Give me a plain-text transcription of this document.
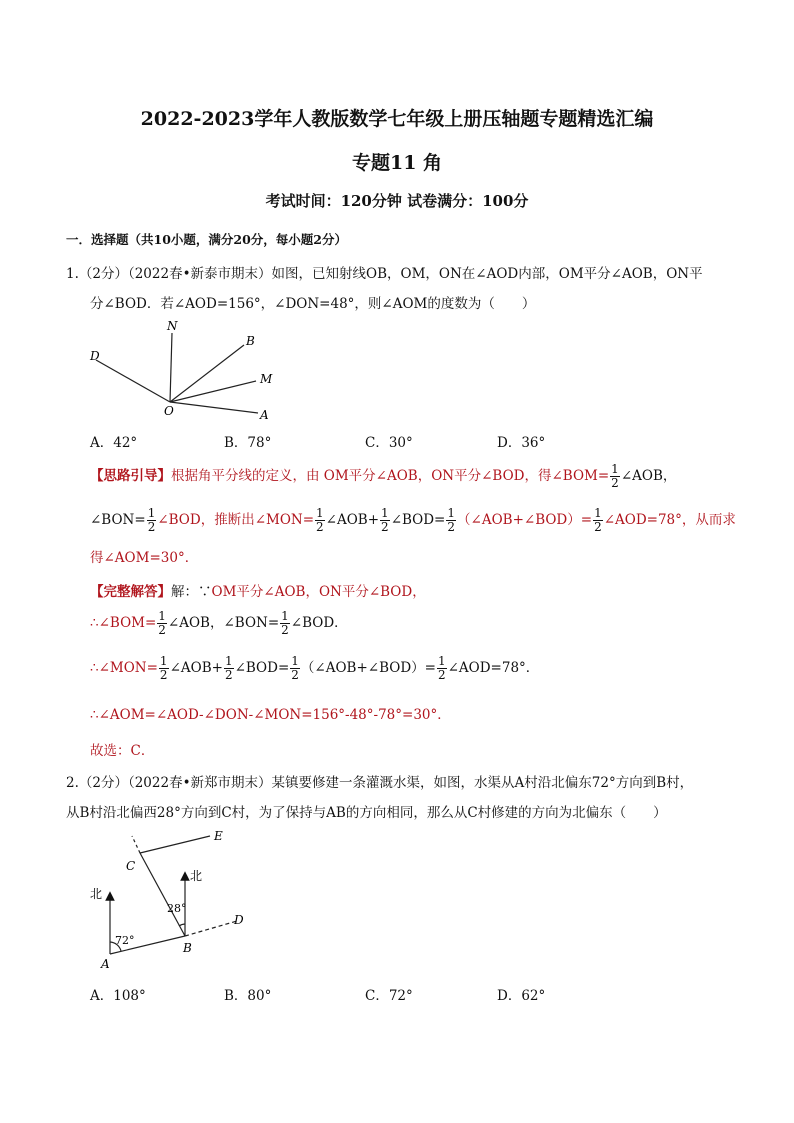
2022-2023学年人教版数学七年级上册压轴题专题精选汇编
专题11 角
考试时间：120分钟 试卷满分：100分
一．选择题（共10小题，满分20分，每小题2分）
1.（2分）（2022春•新泰市期末）如图，已知射线OB，OM，ON在∠AOD内部，OM平分∠AOB，ON平
分∠BOD．若∠AOD=156°，∠DON=48°，则∠AOM的度数为（　　）
N
B
D
M
O	A
A．42°	B．78°	C．30°	D．36°
【思路引导】根据角平分线的定义，由 OM平分∠AOB，ON平分∠BOD，得∠BOM= $\frac{1}{2}$ ∠AOB，
∠BON= $\frac{1}{2}$ ∠BOD，推断出∠MON= $\frac{1}{2}$ ∠AOB+ $\frac{1}{2}$ ∠BOD= $\frac{1}{2}$ （∠AOB+∠BOD）= $\frac{1}{2}$ ∠AOD=78°，从而求
得∠AOM=30°．
【完整解答】解：∵OM平分∠AOB，ON平分∠BOD，
∴∠BOM= $\frac{1}{2}$ ∠AOB，∠BON= $\frac{1}{2}$ ∠BOD．
∴∠MON= $\frac{1}{2}$ ∠AOB+ $\frac{1}{2}$ ∠BOD= $\frac{1}{2}$ （∠AOB+∠BOD）= $\frac{1}{2}$ ∠AOD=78°．
∴∠AOM=∠AOD-∠DON-∠MON=156°-48°-78°=30°．
故选：C．
2.（2分）（2022春•新郑市期末）某镇要修建一条灌溉水渠，如图，水渠从A村沿北偏东72°方向到B村，
从B村沿北偏西28°方向到C村，为了保持与AB的方向相同，那么从C村修建的方向为北偏东（　　）
E
C
北
北
28°
72°
D
A
B
A．108°	B．80°	C．72°	D．62°
